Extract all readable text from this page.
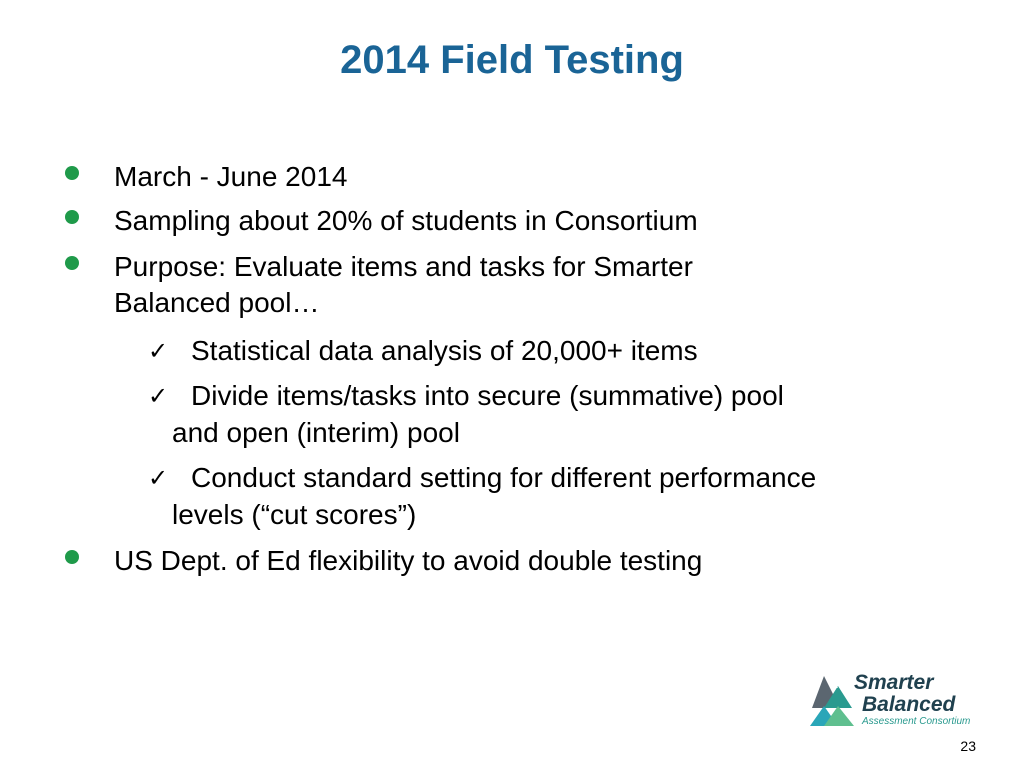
2014 Field Testing
March - June 2014
Sampling about 20% of students in Consortium
Purpose: Evaluate items and tasks for Smarter
Balanced pool…
✓ Statistical data analysis of 20,000+ items
✓ Divide items/tasks into secure (summative) pool
and open (interim) pool
✓ Conduct standard setting for different performance
levels (“cut scores”)
US Dept. of Ed flexibility to avoid double testing
Smarter
Balanced
Assessment Consortium
23
